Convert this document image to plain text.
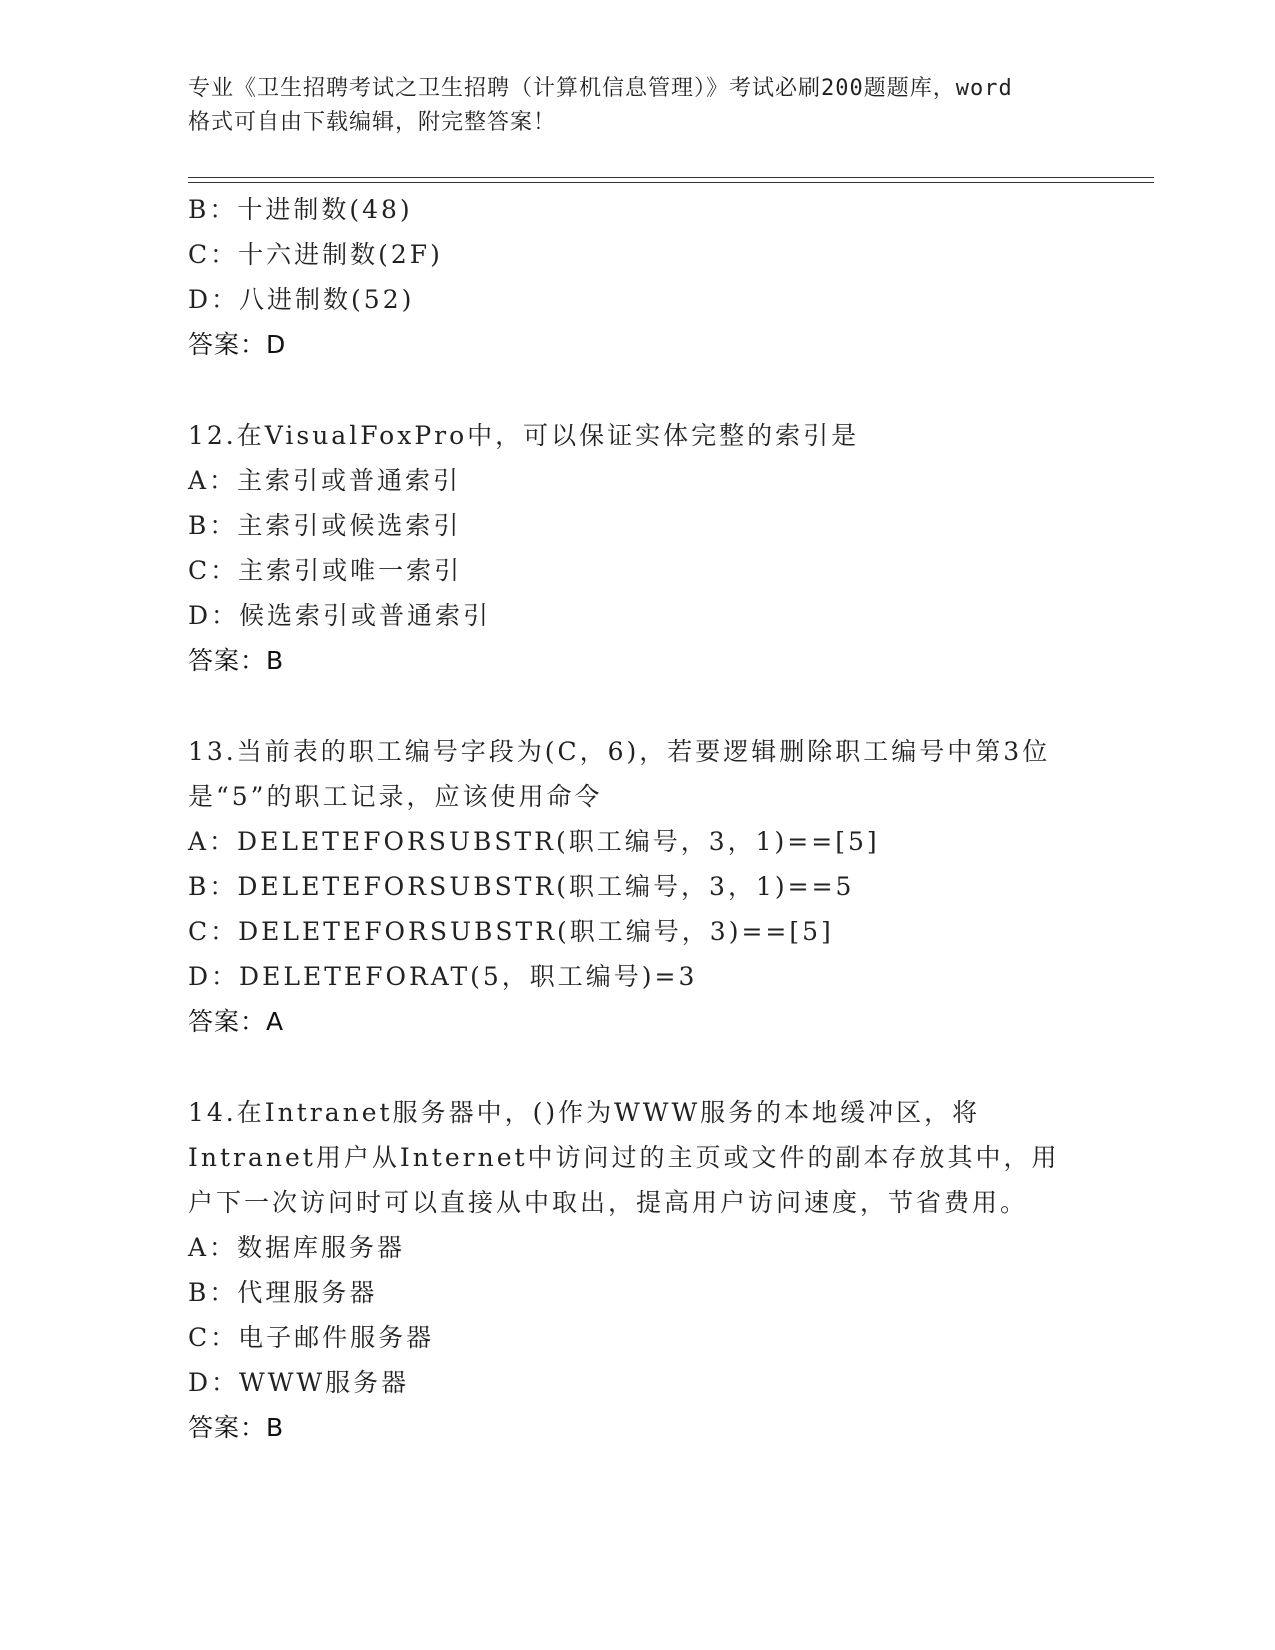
专业《卫生招聘考试之卫生招聘（计算机信息管理）》考试必刷200题题库，word
格式可自由下载编辑，附完整答案！
B：十进制数(48)
C：十六进制数(2F)
D：八进制数(52)
答案：D
12.在VisualFoxPro中，可以保证实体完整的索引是
A：主索引或普通索引
B：主索引或候选索引
C：主索引或唯一索引
D：候选索引或普通索引
答案：B
13.当前表的职工编号字段为(C，6)，若要逻辑删除职工编号中第3位
是“5”的职工记录，应该使用命令
A：DELETEFORSUBSTR(职工编号，3，1)==[5]
B：DELETEFORSUBSTR(职工编号，3，1)==5
C：DELETEFORSUBSTR(职工编号，3)==[5]
D：DELETEFORAT(5，职工编号)=3
答案：A
14.在Intranet服务器中，()作为WWW服务的本地缓冲区，将
Intranet用户从Internet中访问过的主页或文件的副本存放其中，用
户下一次访问时可以直接从中取出，提高用户访问速度，节省费用。
A：数据库服务器
B：代理服务器
C：电子邮件服务器
D：WWW服务器
答案：B
